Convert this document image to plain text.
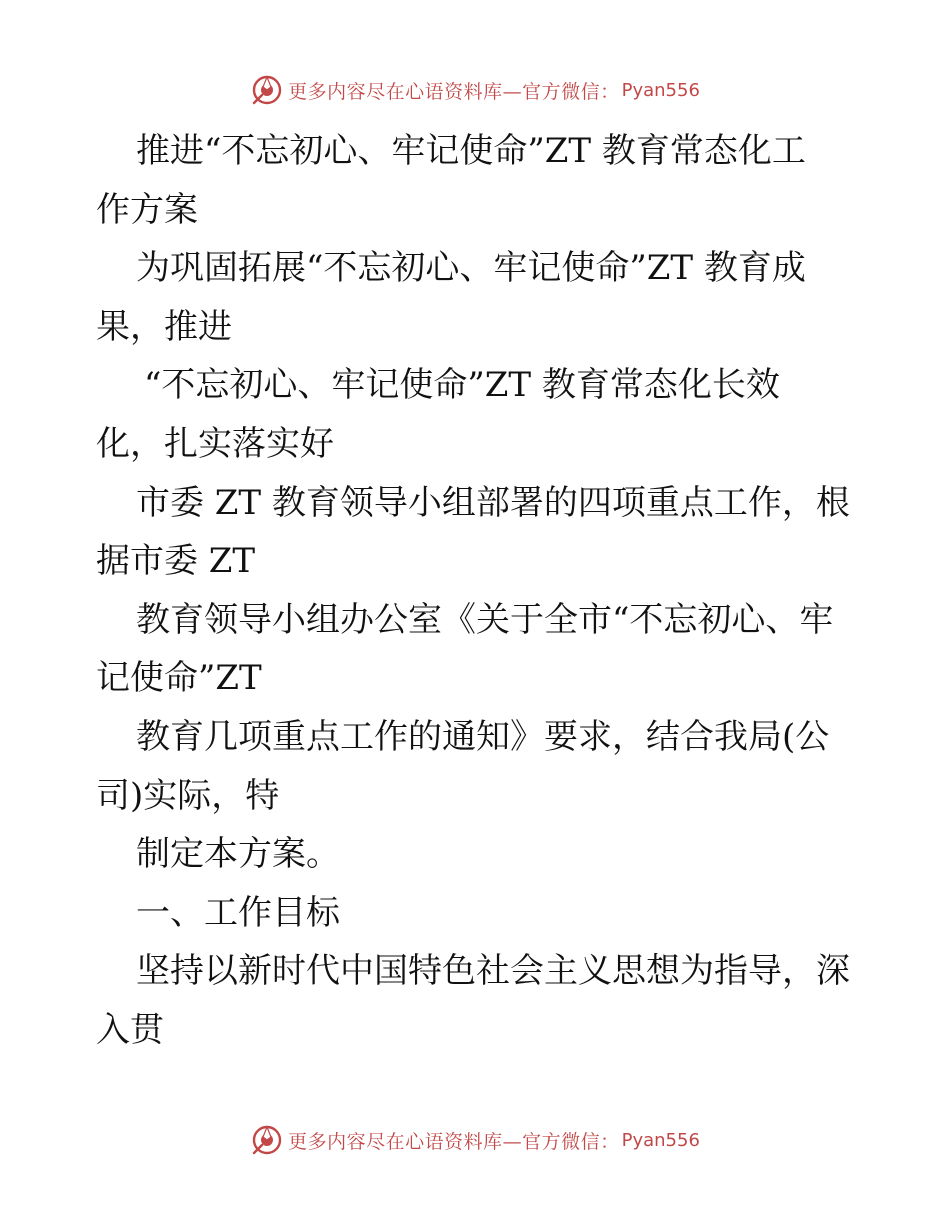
更多内容尽在心语资料库—官方微信： Pyan556
推进“不忘初心、牢记使命”ZT 教育常态化工
作方案
为巩固拓展“不忘初心、牢记使命”ZT 教育成
果，推进
“不忘初心、牢记使命”ZT 教育常态化长效
化，扎实落实好
市委 ZT 教育领导小组部署的四项重点工作，根
据市委 ZT
教育领导小组办公室《关于全市“不忘初心、牢
记使命”ZT
教育几项重点工作的通知》要求，结合我局(公
司)实际，特
制定本方案。
一、工作目标
坚持以新时代中国特色社会主义思想为指导，深
入贯
更多内容尽在心语资料库—官方微信： Pyan556
